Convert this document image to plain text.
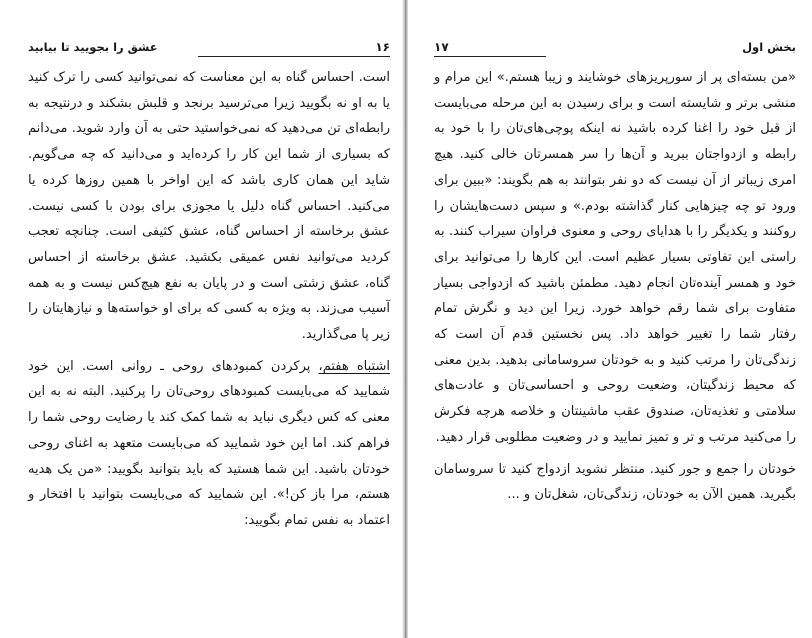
۱۶
عشق را بجویید تا بیابید

است. احساس گناه به این معناست که نمی‌توانید کسی را ترک کنید یا به او نه بگویید زیرا می‌ترسید برنجد و قلبش بشکند و درنتیجه به رابطه‌ای تن می‌دهید که نمی‌خواستید حتی به آن وارد شوید. می‌دانم که بسیاری از شما این کار را کرده‌اید و می‌دانید که چه می‌گویم. شاید این همان کاری باشد که این اواخر با همین روزها کرده یا می‌کنید. احساس گناه دلیل یا مجوزی برای بودن با کسی نیست. عشق برخاسته از احساس گناه، عشق کثیفی است. چنانچه تعجب کردید می‌توانید نفس عمیقی بکشید. عشق برخاسته از احساس گناه، عشق زشتی است و در پایان به نفع هیچ‌کس نیست و به همه آسیب می‌زند. به ویژه به کسی که برای او خواسته‌ها و نیازهایتان را زیر پا می‌گذارید.

اشتباه هفتم، پرکردن کمبودهای روحی ـ روانی است. این خود شمایید که می‌بایست کمبودهای روحی‌تان را پرکنید. البته نه به این معنی که کس دیگری نباید به شما کمک کند یا رضایت روحی شما را فراهم کند. اما این خود شمایید که می‌بایست متعهد به اغنای روحی خودتان باشید. این شما هستید که باید بتوانید بگویید: «من یک هدیه هستم، مرا باز کن!». این شمایید که می‌بایست بتوانید با افتخار و اعتماد به نفس تمام بگویید:

بخش اول
۱۷

«من بسته‌ای پر از سورپریزهای خوشایند و زیبا هستم.» این مرام و منشی برتر و شایسته است و برای رسیدن به این مرحله می‌بایست از قبل خود را اغنا کرده باشید نه اینکه پوچی‌های‌تان را با خود به رابطه و ازدواجتان ببرید و آن‌ها را سر همسرتان خالی کنید. هیچ امری زیباتر از آن نیست که دو نفر بتوانند به هم بگویند: «ببین برای ورود تو چه چیزهایی کنار گذاشته بودم.» و سپس دست‌هایشان را روکنند و یکدیگر را با هدایای روحی و معنوی فراوان سیراب کنند. به راستی این تفاوتی بسیار عظیم است. این کارها را می‌توانید برای خود و همسر آینده‌تان انجام دهید. مطمئن باشید که ازدواجی بسیار متفاوت برای شما رقم خواهد خورد. زیرا این دید و نگرش تمام رفتار شما را تغییر خواهد داد. پس نخستین قدم آن است که زندگی‌تان را مرتب کنید و به خودتان سروسامانی بدهید. بدین معنی که محیط زندگیتان، وضعیت روحی و احساسی‌تان و عادت‌های سلامتی و تغذیه‌تان، صندوق عقب ماشینتان و خلاصه هرچه فکرش را می‌کنید مرتب و تر و تمیز نمایید و در وضعیت مطلوبی قرار دهید.

خودتان را جمع و جور کنید. منتظر نشوید ازدواج کنید تا سروسامان بگیرید. همین الآن به خودتان، زندگی‌تان، شغل‌تان و ...
